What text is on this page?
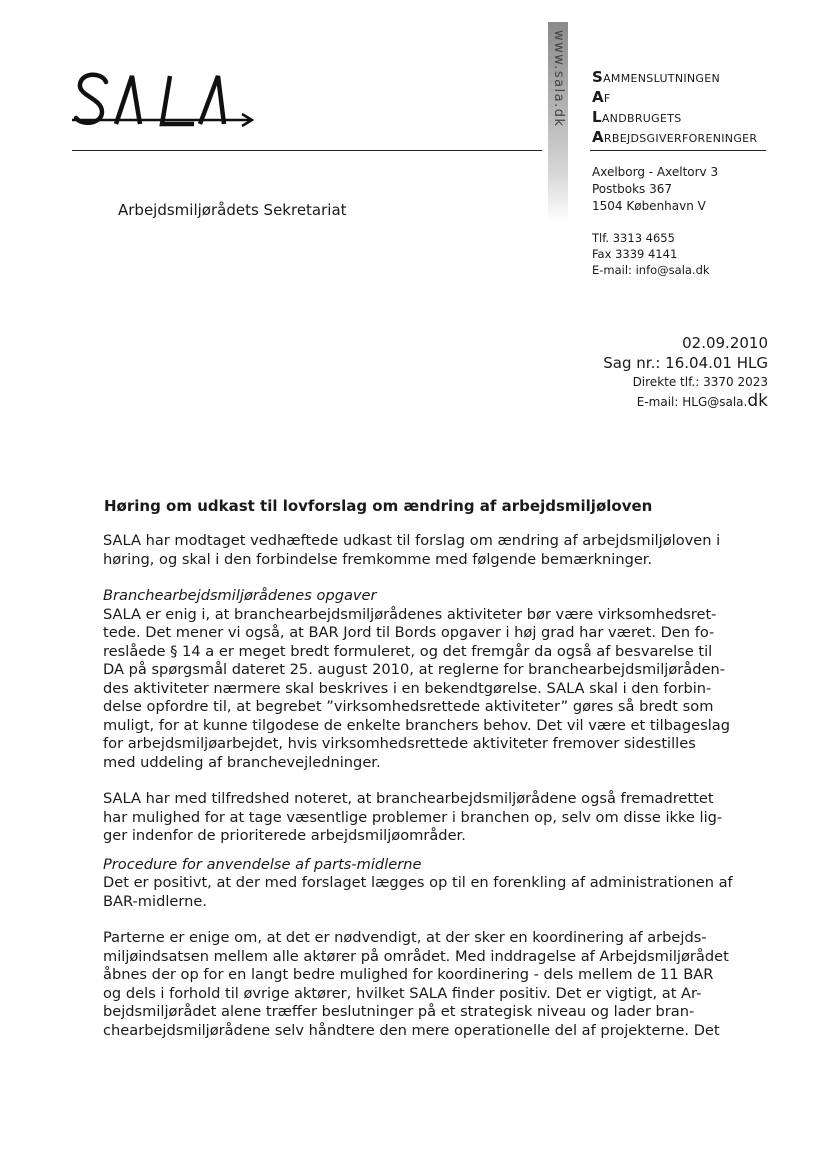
www.sala.dk SAMMENSLUTNINGEN
AF
LANDBRUGETS
ARBEJDSGIVERFORENINGER
Axelborg - Axeltorv 3
Postboks 367
1504 København V
Tlf. 3313 4655
Fax 3339 4141
E-mail: info@sala.dk
Arbejdsmiljørådets Sekretariat
02.09.2010
Sag nr.: 16.04.01 HLG
Direkte tlf.: 3370 2023
E-mail: HLG@sala.dk
Høring om udkast til lovforslag om ændring af arbejdsmiljøloven

SALA har modtaget vedhæftede udkast til forslag om ændring af arbejdsmiljøloven i

høring, og skal i den forbindelse fremkomme med følgende bemærkninger.

Branchearbejdsmiljørådenes opgaver

SALA er enig i, at branchearbejdsmiljørådenes aktiviteter bør være virksomhedsret-

tede. Det mener vi også, at BAR Jord til Bords opgaver i høj grad har været. Den fo-

reslåede § 14 a er meget bredt formuleret, og det fremgår da også af besvarelse til

DA på spørgsmål dateret 25. august 2010, at reglerne for branchearbejdsmiljøråden-

des aktiviteter nærmere skal beskrives i en bekendtgørelse. SALA skal i den forbin-

delse opfordre til, at begrebet ”virksomhedsrettede aktiviteter” gøres så bredt som

muligt, for at kunne tilgodese de enkelte branchers behov. Det vil være et tilbageslag

for arbejdsmiljøarbejdet, hvis virksomhedsrettede aktiviteter fremover sidestilles

med uddeling af branchevejledninger.

SALA har med tilfredshed noteret, at branchearbejdsmiljørådene også fremadrettet

har mulighed for at tage væsentlige problemer i branchen op, selv om disse ikke lig-

ger indenfor de prioriterede arbejdsmiljøområder.

Procedure for anvendelse af parts-midlerne

Det er positivt, at der med forslaget lægges op til en forenkling af administrationen af

BAR-midlerne.

Parterne er enige om, at det er nødvendigt, at der sker en koordinering af arbejds-

miljøindsatsen mellem alle aktører på området. Med inddragelse af Arbejdsmiljørådet

åbnes der op for en langt bedre mulighed for koordinering - dels mellem de 11 BAR

og dels i forhold til øvrige aktører, hvilket SALA finder positiv. Det er vigtigt, at Ar-

bejdsmiljørådet alene træffer beslutninger på et strategisk niveau og lader bran-

chearbejdsmiljørådene selv håndtere den mere operationelle del af projekterne. Det
